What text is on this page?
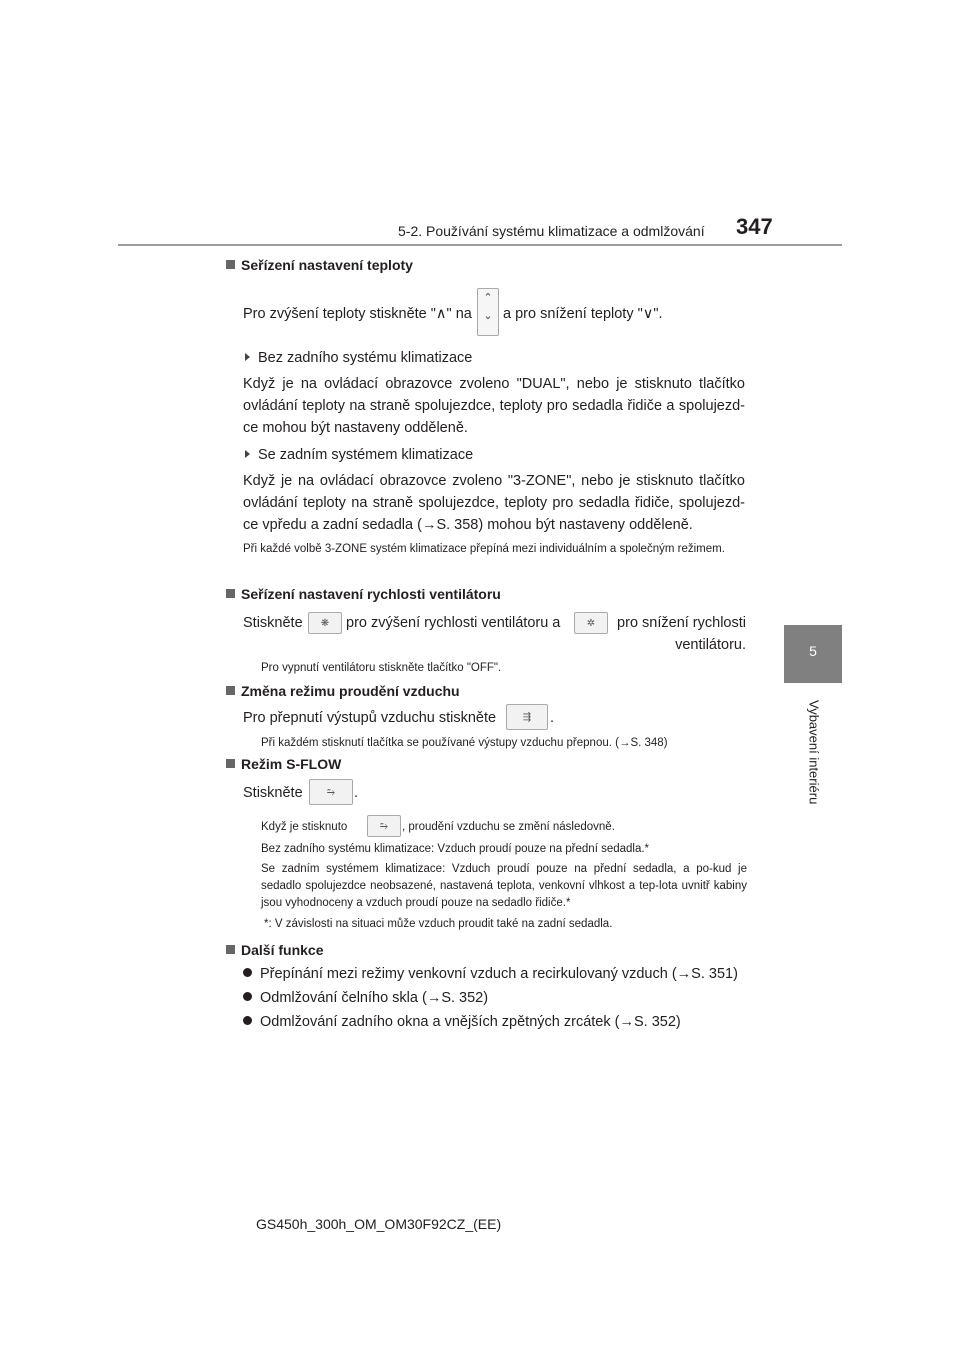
5-2. Používání systému klimatizace a odmlžování 347
5
Vybavení interiéru
Seřízení nastavení teploty
Pro zvýšení teploty stiskněte "∧" na
⌃
⌄ a pro snížení teploty "∨".
Bez zadního systému klimatizace
Když je na ovládací obrazovce zvoleno "DUAL", nebo je stisknuto tlačítko ovládání teploty na straně spolujezdce, teploty pro sedadla řidiče a spolujezd-ce mohou být nastaveny odděleně.
Se zadním systémem klimatizace
Když je na ovládací obrazovce zvoleno "3-ZONE", nebo je stisknuto tlačítko ovládání teploty na straně spolujezdce, teploty pro sedadla řidiče, spolujezd-ce vpředu a zadní sedadla (→S. 358) mohou být nastaveny odděleně.
Při každé volbě 3-ZONE systém klimatizace přepíná mezi individuálním a společným režimem.
Seřízení nastavení rychlosti ventilátoru
Stiskněte	❋ pro zvýšení rychlosti ventilátoru a	✲	pro snížení rychlosti ventilátoru.
Pro vypnutí ventilátoru stiskněte tlačítko "OFF".
Změna režimu proudění vzduchu
Pro přepnutí výstupů vzduchu stiskněte	⇶ .
Při každém stisknutí tlačítka se používané výstupy vzduchu přepnou. (→S. 348)
Režim S-FLOW
Stiskněte	⥲ .
Když je stisknuto	⥲ , proudění vzduchu se změní následovně.
Bez zadního systému klimatizace: Vzduch proudí pouze na přední sedadla.*
Se zadním systémem klimatizace: Vzduch proudí pouze na přední sedadla, a po-kud je sedadlo spolujezdce neobsazené, nastavená teplota, venkovní vlhkost a tep-lota uvnitř kabiny jsou vyhodnoceny a vzduch proudí pouze na sedadlo řidiče.*
*: V závislosti na situaci může vzduch proudit také na zadní sedadla.
Další funkce
Přepínání mezi režimy venkovní vzduch a recirkulovaný vzduch (→S. 351)
Odmlžování čelního skla (→S. 352)
Odmlžování zadního okna a vnějších zpětných zrcátek (→S. 352)
GS450h_300h_OM_OM30F92CZ_(EE)
